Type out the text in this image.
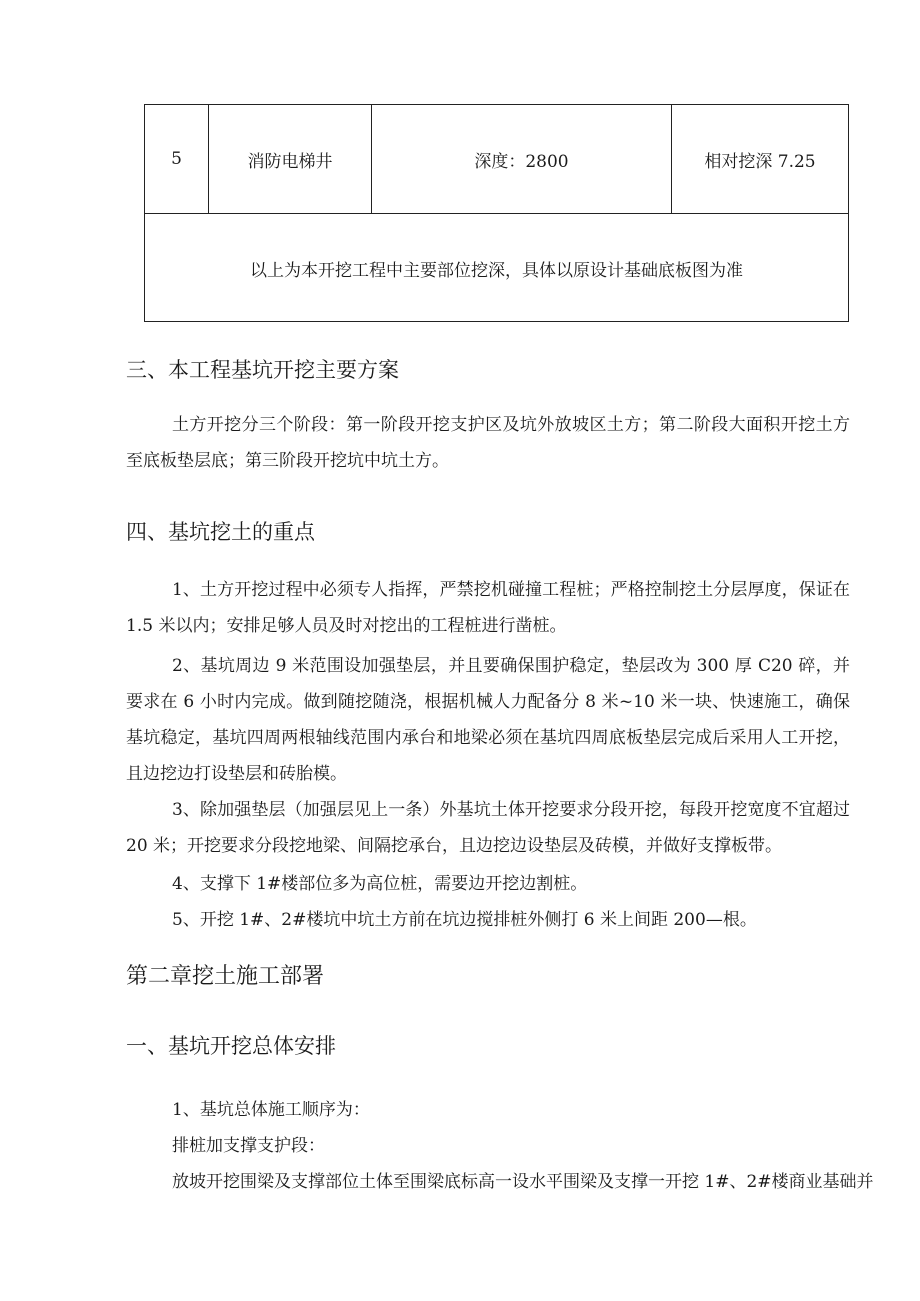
5	消防电梯井	深度：2800	相对挖深 7.25
以上为本开挖工程中主要部位挖深，具体以原设计基础底板图为准
三、本工程基坑开挖主要方案

土方开挖分三个阶段：第一阶段开挖支护区及坑外放坡区土方；第二阶段大面积开挖土方至底板垫层底；第三阶段开挖坑中坑土方。

四、基坑挖土的重点

1、土方开挖过程中必须专人指挥，严禁挖机碰撞工程桩；严格控制挖土分层厚度，保证在 1.5 米以内；安排足够人员及时对挖出的工程桩进行凿桩。

2、基坑周边 9 米范围设加强垫层，并且要确保围护稳定，垫层改为 300 厚 C20 碎，并要求在 6 小时内完成。做到随挖随浇，根据机械人力配备分 8 米~10 米一块、快速施工，确保基坑稳定，基坑四周两根轴线范围内承台和地梁必须在基坑四周底板垫层完成后采用人工开挖，且边挖边打设垫层和砖胎模。

3、除加强垫层（加强层见上一条）外基坑土体开挖要求分段开挖，每段开挖宽度不宜超过 20 米；开挖要求分段挖地梁、间隔挖承台，且边挖边设垫层及砖模，并做好支撑板带。

4、支撑下 1#楼部位多为高位桩，需要边开挖边割桩。

5、开挖 1#、2#楼坑中坑土方前在坑边搅排桩外侧打 6 米上间距 200—根。

第二章挖土施工部署
一、基坑开挖总体安排
1、基坑总体施工顺序为：
排桩加支撑支护段：
放坡开挖围梁及支撑部位土体至围梁底标高一设水平围梁及支撑一开挖 1#、2#楼商业基础并
